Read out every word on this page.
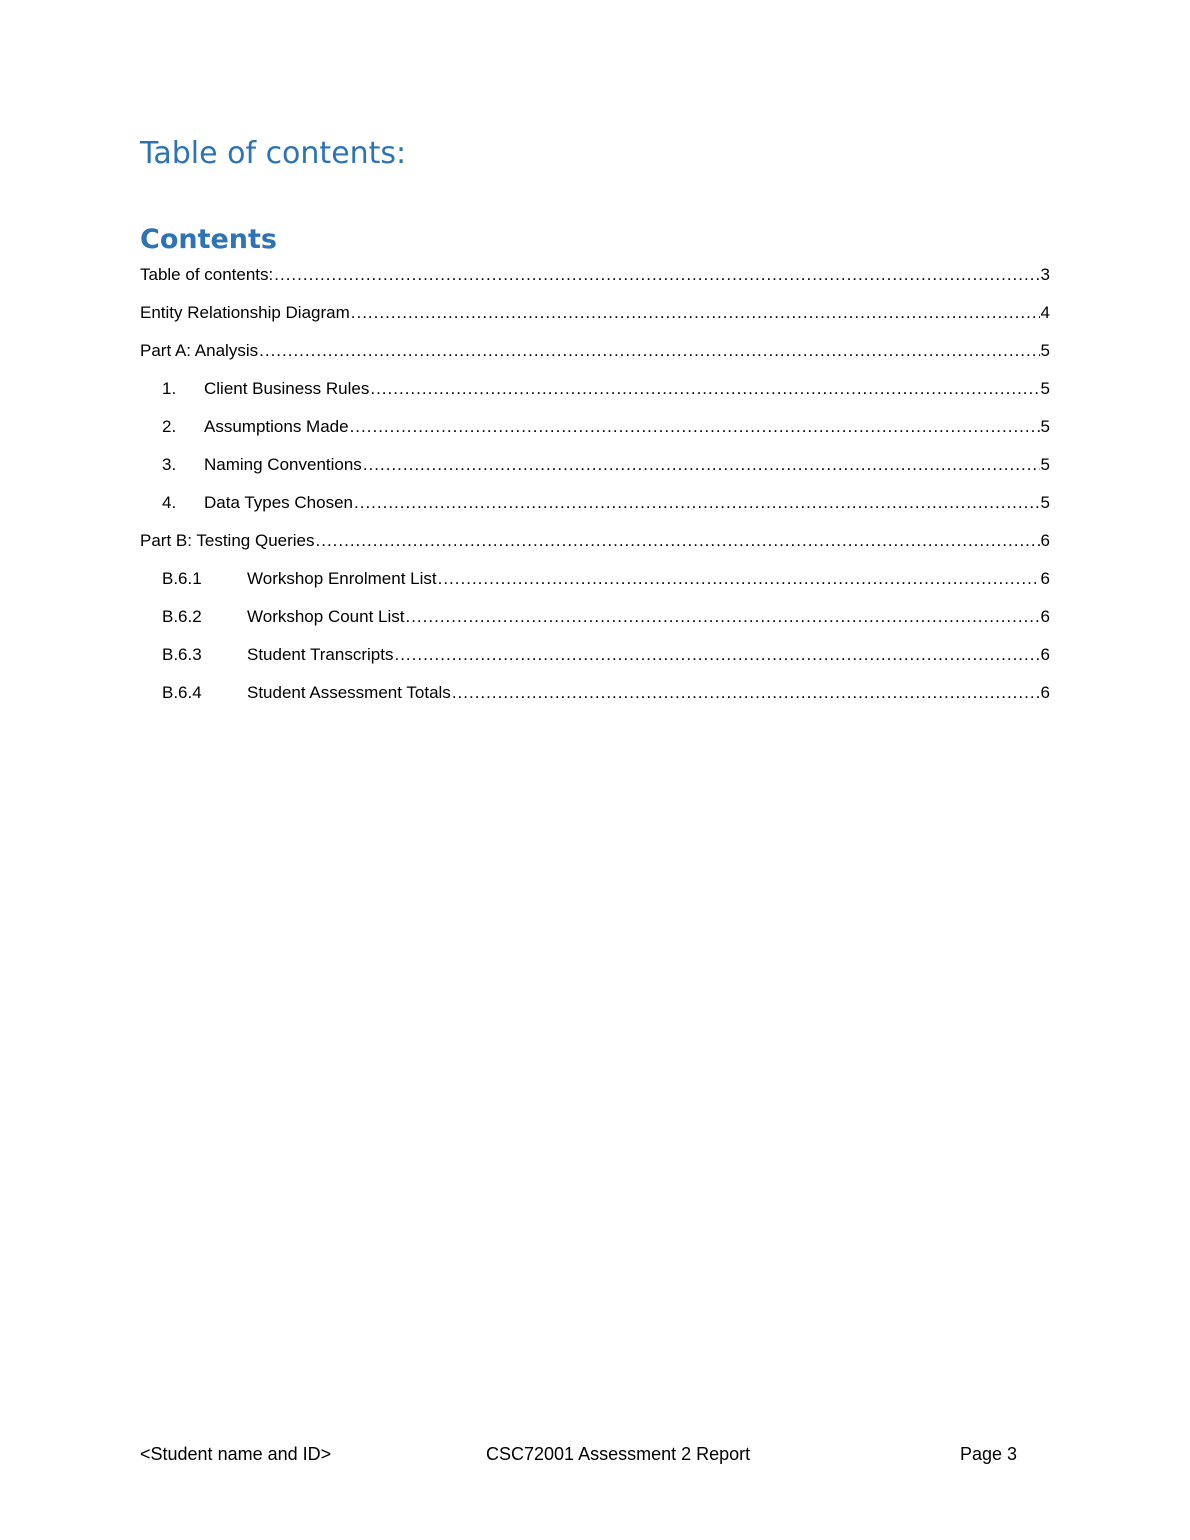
Table of contents:
Contents
Table of contents: .....	3
Entity Relationship Diagram .....	4
Part A: Analysis .....	5
1.	Client Business Rules .....	5
2.	Assumptions Made .....	5
3.	Naming Conventions .....	5
4.	Data Types Chosen .....	5
Part B: Testing Queries .....	6
B.6.1	Workshop Enrolment List .....	6
B.6.2	Workshop Count List .....	6
B.6.3	Student Transcripts .....	6
B.6.4	Student Assessment Totals .....	6
<Student name and ID>	CSC72001 Assessment 2 Report	Page 3
